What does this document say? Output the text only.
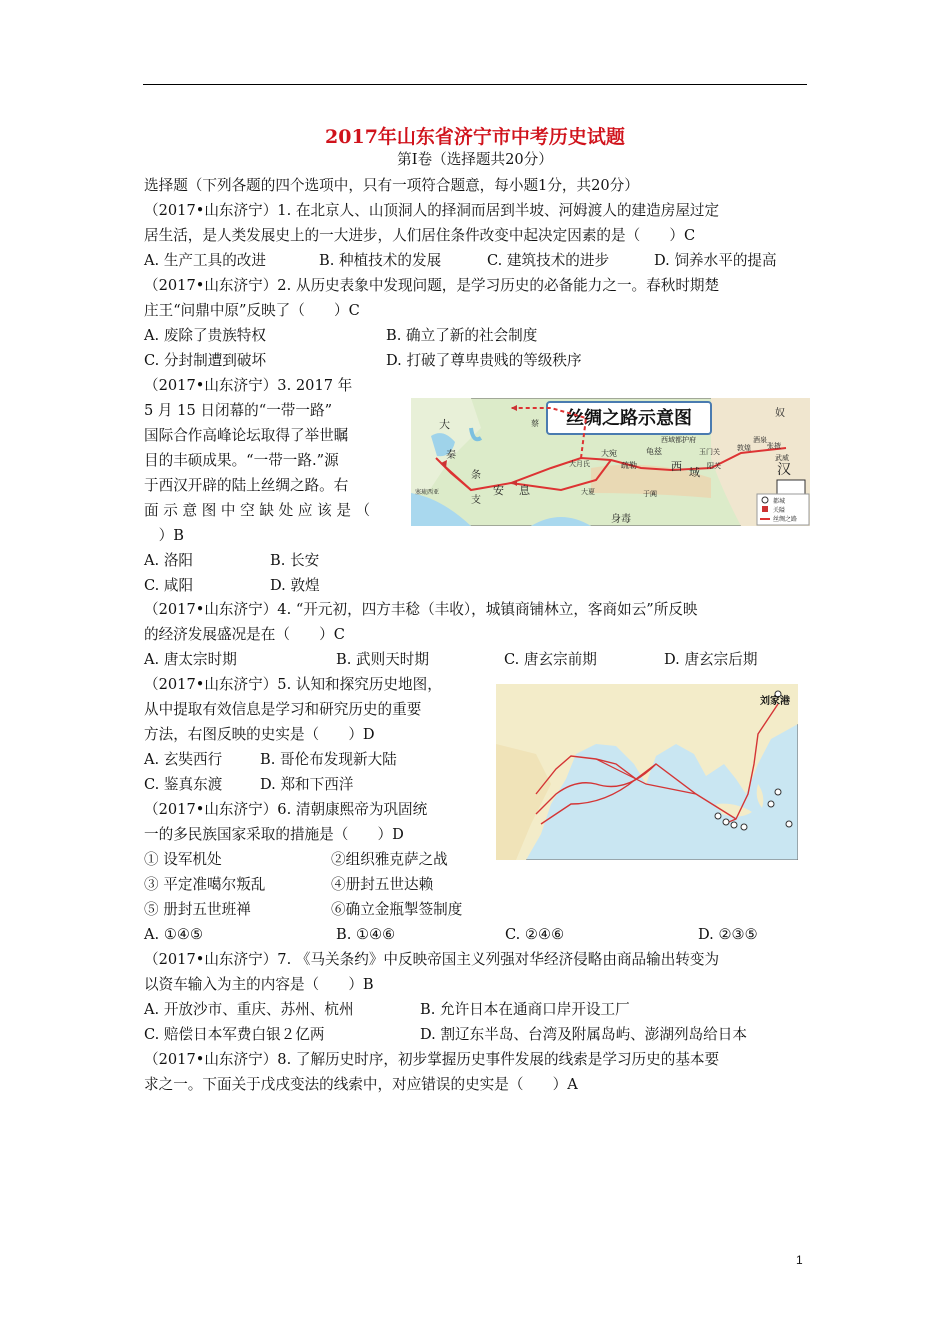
2017年山东省济宁市中考历史试题
第Ⅰ卷（选择题共20分）
选择题（下列各题的四个选项中，只有一项符合题意，每小题1分，共20分）
（2017•山东济宁）1. 在北京人、山顶洞人的择洞而居到半坡、河姆渡人的建造房屋过定
居生活，是人类发展史上的一大进步，人们居住条件改变中起决定因素的是（　　）C
A. 生产工具的改进	B. 种植技术的发展	C. 建筑技术的进步	D. 饲养水平的提高
（2017•山东济宁）2. 从历史表象中发现问题，是学习历史的必备能力之一。春秋时期楚
庄王“问鼎中原”反映了（　　）C
A. 废除了贵族特权	B. 确立了新的社会制度
C. 分封制遭到破坏	D. 打破了尊卑贵贱的等级秩序
（2017•山东济宁）3. 2017 年
5 月 15 日闭幕的“一带一路”
国际合作高峰论坛取得了举世瞩
目的丰硕成果。“一带一路.”源
于西汉开辟的陆上丝绸之路。右
面 示 意 图 中 空 缺 处 应 该 是 （
　）B
A. 洛阳	B. 长安
C. 咸阳	D. 敦煌
丝绸之路示意图
大
秦
条
支
安 息
蔡
大宛	龟兹
疏勒
西域都护府
玉门关
大月氏
大夏	于阗
身毒
西 域
敦煌
酒泉
张掖
武威
阳关
奴
汉
塞琉西亚
都城
关隘
丝绸之路
（2017•山东济宁）4. “开元初，四方丰稔（丰收），城镇商铺林立，客商如云”所反映
的经济发展盛况是在（　　）C
A. 唐太宗时期	B. 武则天时期	C. 唐玄宗前期	D. 唐玄宗后期
（2017•山东济宁）5. 认知和探究历史地图，
从中提取有效信息是学习和研究历史的重要
方法，右图反映的史实是（　　）D
A. 玄奘西行	B. 哥伦布发现新大陆
C. 鉴真东渡	D. 郑和下西洋
刘家港
（2017•山东济宁）6. 清朝康熙帝为巩固统
一的多民族国家采取的措施是（　　）D
① 设军机处	②组织雅克萨之战
③ 平定准噶尔叛乱	④册封五世达赖
⑤ 册封五世班禅	⑥确立金瓶掣签制度
A. ①④⑤	B. ①④⑥	C. ②④⑥	D. ②③⑤
（2017•山东济宁）7. 《马关条约》中反映帝国主义列强对华经济侵略由商品输出转变为
以资车输入为主的内容是（　　）B
A. 开放沙市、重庆、苏州、杭州	B. 允许日本在通商口岸开设工厂
C. 赔偿日本军费白银２亿两	D. 割辽东半岛、台湾及附属岛屿、澎湖列岛给日本
（2017•山东济宁）8. 了解历史时序，初步掌握历史事件发展的线索是学习历史的基本要
求之一。下面关于戊戌变法的线索中，对应错误的史实是（　　）A
1
